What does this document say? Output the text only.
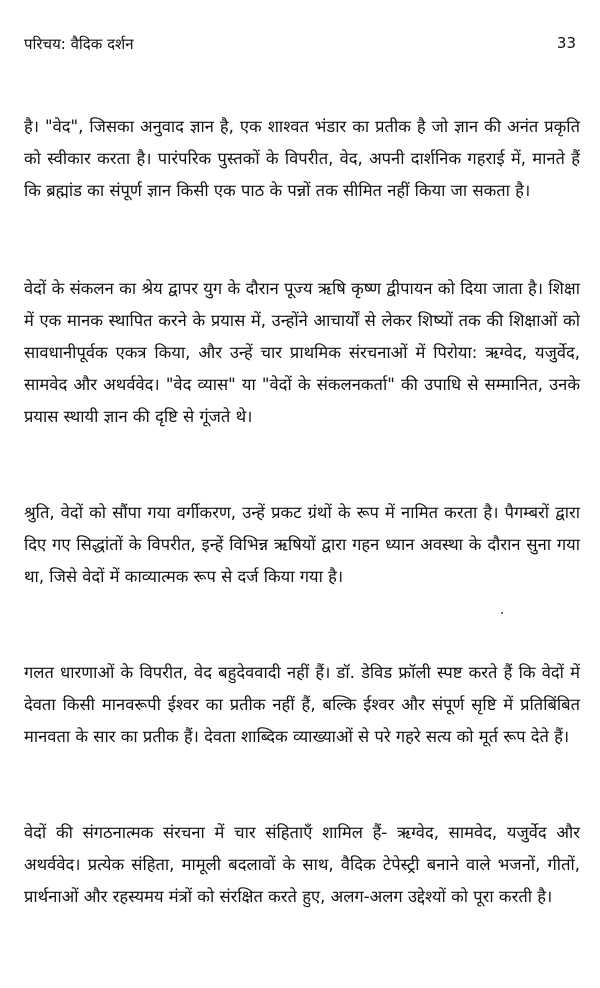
परिचय: वैदिक दर्शन	33

है। "वेद", जिसका अनुवाद ज्ञान है, एक शाश्वत भंडार का प्रतीक है जो ज्ञान की अनंत प्रकृति को स्वीकार करता है। पारंपरिक पुस्तकों के विपरीत, वेद, अपनी दार्शनिक गहराई में, मानते हैं कि ब्रह्मांड का संपूर्ण ज्ञान किसी एक पाठ के पन्नों तक सीमित नहीं किया जा सकता है।

वेदों के संकलन का श्रेय द्वापर युग के दौरान पूज्य ऋषि कृष्ण द्वीपायन को दिया जाता है। शिक्षा में एक मानक स्थापित करने के प्रयास में, उन्होंने आचार्यों से लेकर शिष्यों तक की शिक्षाओं को सावधानीपूर्वक एकत्र किया, और उन्हें चार प्राथमिक संरचनाओं में पिरोया: ऋग्वेद, यजुर्वेद, सामवेद और अथर्ववेद। "वेद व्यास" या "वेदों के संकलनकर्ता" की उपाधि से सम्मानित, उनके प्रयास स्थायी ज्ञान की दृष्टि से गूंजते थे।

श्रुति, वेदों को सौंपा गया वर्गीकरण, उन्हें प्रकट ग्रंथों के रूप में नामित करता है। पैगम्बरों द्वारा दिए गए सिद्धांतों के विपरीत, इन्हें विभिन्न ऋषियों द्वारा गहन ध्यान अवस्था के दौरान सुना गया था, जिसे वेदों में काव्यात्मक रूप से दर्ज किया गया है।

गलत धारणाओं के विपरीत, वेद बहुदेववादी नहीं हैं। डॉ. डेविड फ्रॉली स्पष्ट करते हैं कि वेदों में देवता किसी मानवरूपी ईश्वर का प्रतीक नहीं हैं, बल्कि ईश्वर और संपूर्ण सृष्टि में प्रतिबिंबित मानवता के सार का प्रतीक हैं। देवता शाब्दिक व्याख्याओं से परे गहरे सत्य को मूर्त रूप देते हैं।

वेदों की संगठनात्मक संरचना में चार संहिताएँ शामिल हैं- ऋग्वेद, सामवेद, यजुर्वेद और अथर्ववेद। प्रत्येक संहिता, मामूली बदलावों के साथ, वैदिक टेपेस्ट्री बनाने वाले भजनों, गीतों, प्रार्थनाओं और रहस्यमय मंत्रों को संरक्षित करते हुए, अलग-अलग उद्देश्यों को पूरा करती है।
